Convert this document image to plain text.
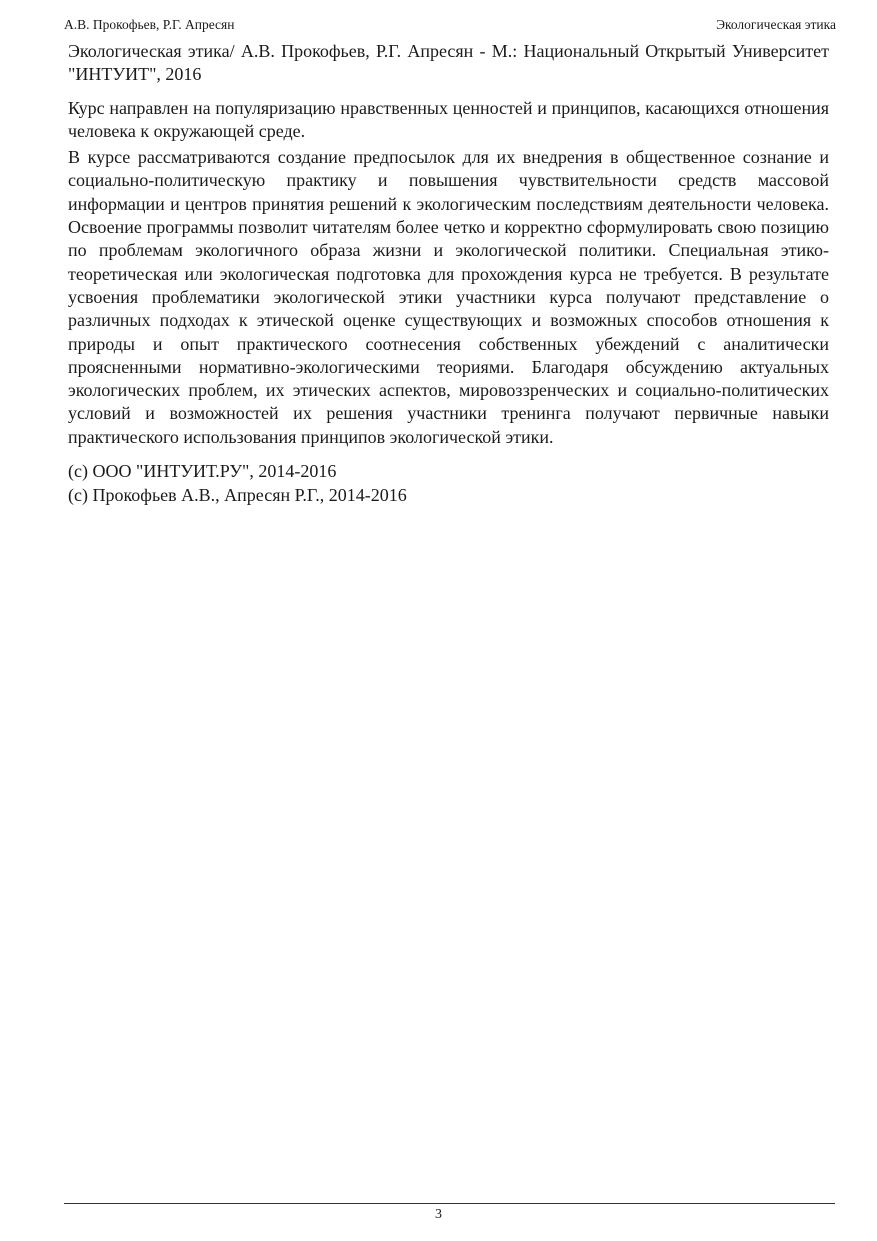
А.В. Прокофьев, Р.Г. Апресян	Экологическая этика

Экологическая этика/ А.В. Прокофьев, Р.Г. Апресян - М.: Национальный Открытый Университет "ИНТУИТ", 2016

Курс направлен на популяризацию нравственных ценностей и принципов, касающихся отношения человека к окружающей среде.

В курсе рассматриваются создание предпосылок для их внедрения в общественное сознание и социально-политическую практику и повышения чувствительности средств массовой информации и центров принятия решений к экологическим последствиям деятельности человека. Освоение программы позволит читателям более четко и корректно сформулировать свою позицию по проблемам экологичного образа жизни и экологической политики. Специальная этико-теоретическая или экологическая подготовка для прохождения курса не требуется. В результате усвоения проблематики экологической этики участники курса получают представление о различных подходах к этической оценке существующих и возможных способов отношения к природы и опыт практического соотнесения собственных убеждений с аналитически проясненными нормативно-экологическими теориями. Благодаря обсуждению актуальных экологических проблем, их этических аспектов, мировоззренческих и социально-политических условий и возможностей их решения участники тренинга получают первичные навыки практического использования принципов экологической этики.

(c) ООО "ИНТУИТ.РУ", 2014-2016

(c) Прокофьев А.В., Апресян Р.Г., 2014-2016

3
